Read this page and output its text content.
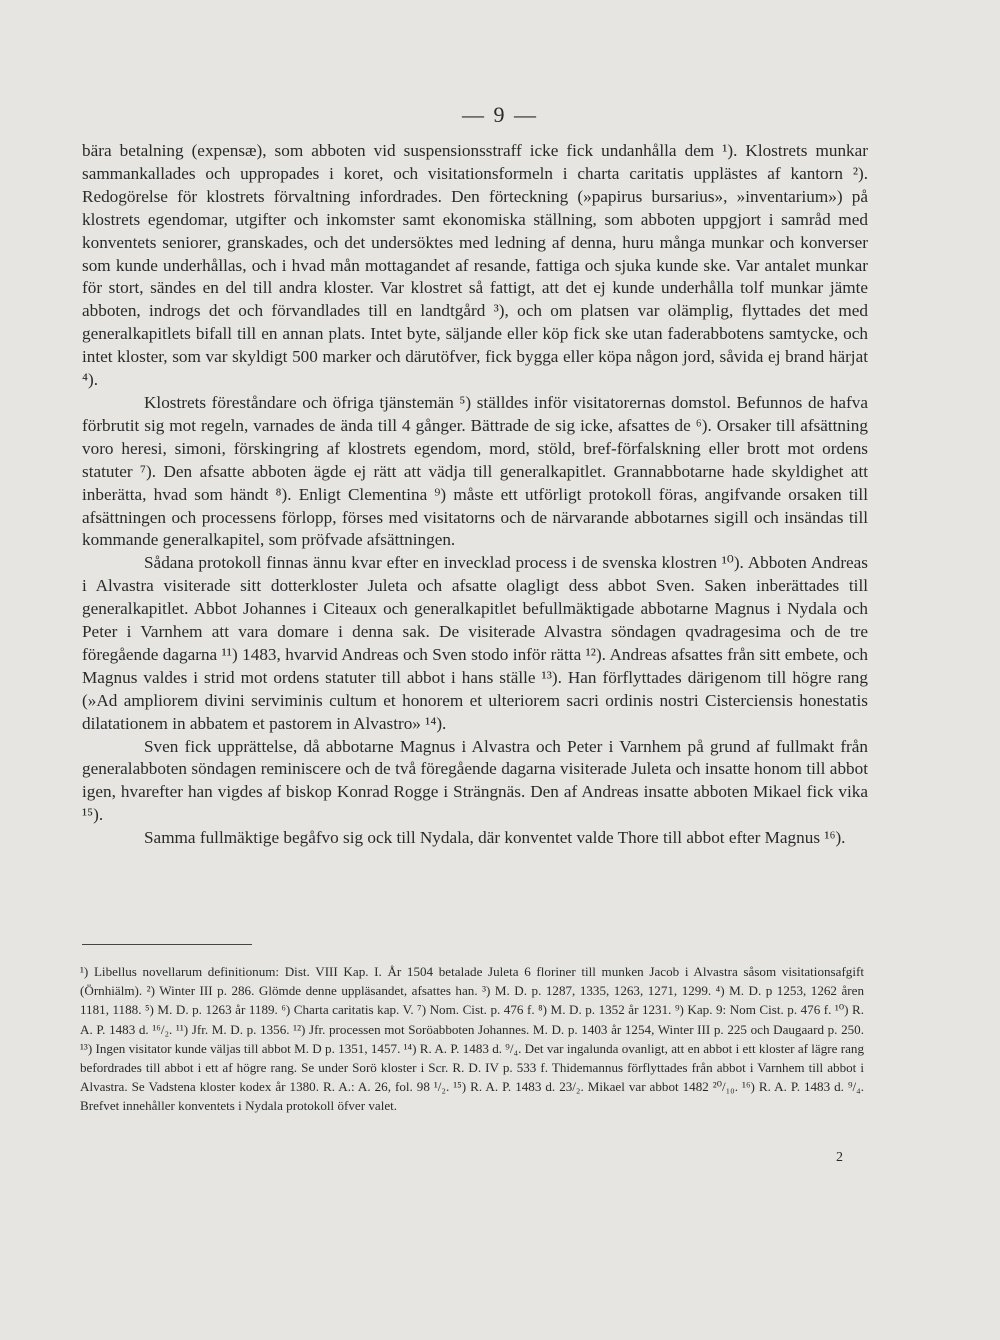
— 9 —

bära betalning (expensæ), som abboten vid suspensionsstraff icke fick undanhålla dem ¹). Klostrets munkar sammankallades och uppropades i koret, och visitationsformeln i charta caritatis upplästes af kantorn ²). Redogörelse för klostrets förvaltning infordrades. Den förteckning (»papirus bursarius», »inventarium») på klostrets egendomar, utgifter och inkomster samt ekonomiska ställning, som abboten uppgjort i samråd med konventets seniorer, granskades, och det undersöktes med ledning af denna, huru många munkar och konverser som kunde underhållas, och i hvad mån mottagandet af resande, fattiga och sjuka kunde ske. Var antalet munkar för stort, sändes en del till andra kloster. Var klostret så fattigt, att det ej kunde underhålla tolf munkar jämte abboten, indrogs det och förvandlades till en landtgård ³), och om platsen var olämplig, flyttades det med generalkapitlets bifall till en annan plats. Intet byte, säljande eller köp fick ske utan faderabbotens samtycke, och intet kloster, som var skyldigt 500 marker och därutöfver, fick bygga eller köpa någon jord, såvida ej brand härjat ⁴).

Klostrets föreståndare och öfriga tjänstemän ⁵) ställdes inför visitatorernas domstol. Befunnos de hafva förbrutit sig mot regeln, varnades de ända till 4 gånger. Bättrade de sig icke, afsattes de ⁶). Orsaker till afsättning voro heresi, simoni, förskingring af klostrets egendom, mord, stöld, bref-förfalskning eller brott mot ordens statuter ⁷). Den afsatte abboten ägde ej rätt att vädja till generalkapitlet. Grannabbotarne hade skyldighet att inberätta, hvad som händt ⁸). Enligt Clementina ⁹) måste ett utförligt protokoll föras, angifvande orsaken till afsättningen och processens förlopp, förses med visitatorns och de närvarande abbotarnes sigill och insändas till kommande generalkapitel, som pröfvade afsättningen.

Sådana protokoll finnas ännu kvar efter en invecklad process i de svenska klostren ¹⁰). Abboten Andreas i Alvastra visiterade sitt dotterkloster Juleta och afsatte olagligt dess abbot Sven. Saken inberättades till generalkapitlet. Abbot Johannes i Citeaux och generalkapitlet befullmäktigade abbotarne Magnus i Nydala och Peter i Varnhem att vara domare i denna sak. De visiterade Alvastra söndagen qvadragesima och de tre föregående dagarna ¹¹) 1483, hvarvid Andreas och Sven stodo inför rätta ¹²). Andreas afsattes från sitt embete, och Magnus valdes i strid mot ordens statuter till abbot i hans ställe ¹³). Han förflyttades därigenom till högre rang (»Ad ampliorem divini serviminis cultum et honorem et ulteriorem sacri ordinis nostri Cisterciensis honestatis dilatationem in abbatem et pastorem in Alvastro» ¹⁴).

Sven fick upprättelse, då abbotarne Magnus i Alvastra och Peter i Varnhem på grund af fullmakt från generalabboten söndagen reminiscere och de två föregående dagarna visiterade Juleta och insatte honom till abbot igen, hvarefter han vigdes af biskop Konrad Rogge i Strängnäs. Den af Andreas insatte abboten Mikael fick vika ¹⁵).

Samma fullmäktige begåfvo sig ock till Nydala, där konventet valde Thore till abbot efter Magnus ¹⁶).

¹) Libellus novellarum definitionum: Dist. VIII Kap. I. År 1504 betalade Juleta 6 floriner till munken Jacob i Alvastra såsom visitationsafgift (Örnhiälm). ²) Winter III p. 286. Glömde denne uppläsandet, afsattes han. ³) M. D. p. 1287, 1335, 1263, 1271, 1299. ⁴) M. D. p 1253, 1262 åren 1181, 1188. ⁵) M. D. p. 1263 år 1189. ⁶) Charta caritatis kap. V. ⁷) Nom. Cist. p. 476 f. ⁸) M. D. p. 1352 år 1231. ⁹) Kap. 9: Nom Cist. p. 476 f. ¹⁰) R. A. P. 1483 d. ¹⁶/₂. ¹¹) Jfr. M. D. p. 1356. ¹²) Jfr. processen mot Soröabboten Johannes. M. D. p. 1403 år 1254, Winter III p. 225 och Daugaard p. 250. ¹³) Ingen visitator kunde väljas till abbot M. D p. 1351, 1457. ¹⁴) R. A. P. 1483 d. ⁹/₄. Det var ingalunda ovanligt, att en abbot i ett kloster af lägre rang befordrades till abbot i ett af högre rang. Se under Sorö kloster i Scr. R. D. IV p. 533 f. Thidemannus förflyttades från abbot i Varnhem till abbot i Alvastra. Se Vadstena kloster kodex år 1380. R. A.: A. 26, fol. 98 ¹/₂. ¹⁵) R. A. P. 1483 d. 23/₂. Mikael var abbot 1482 ²⁰/₁₀. ¹⁶) R. A. P. 1483 d. ⁹/₄. Brefvet innehåller konventets i Nydala protokoll öfver valet.
2
